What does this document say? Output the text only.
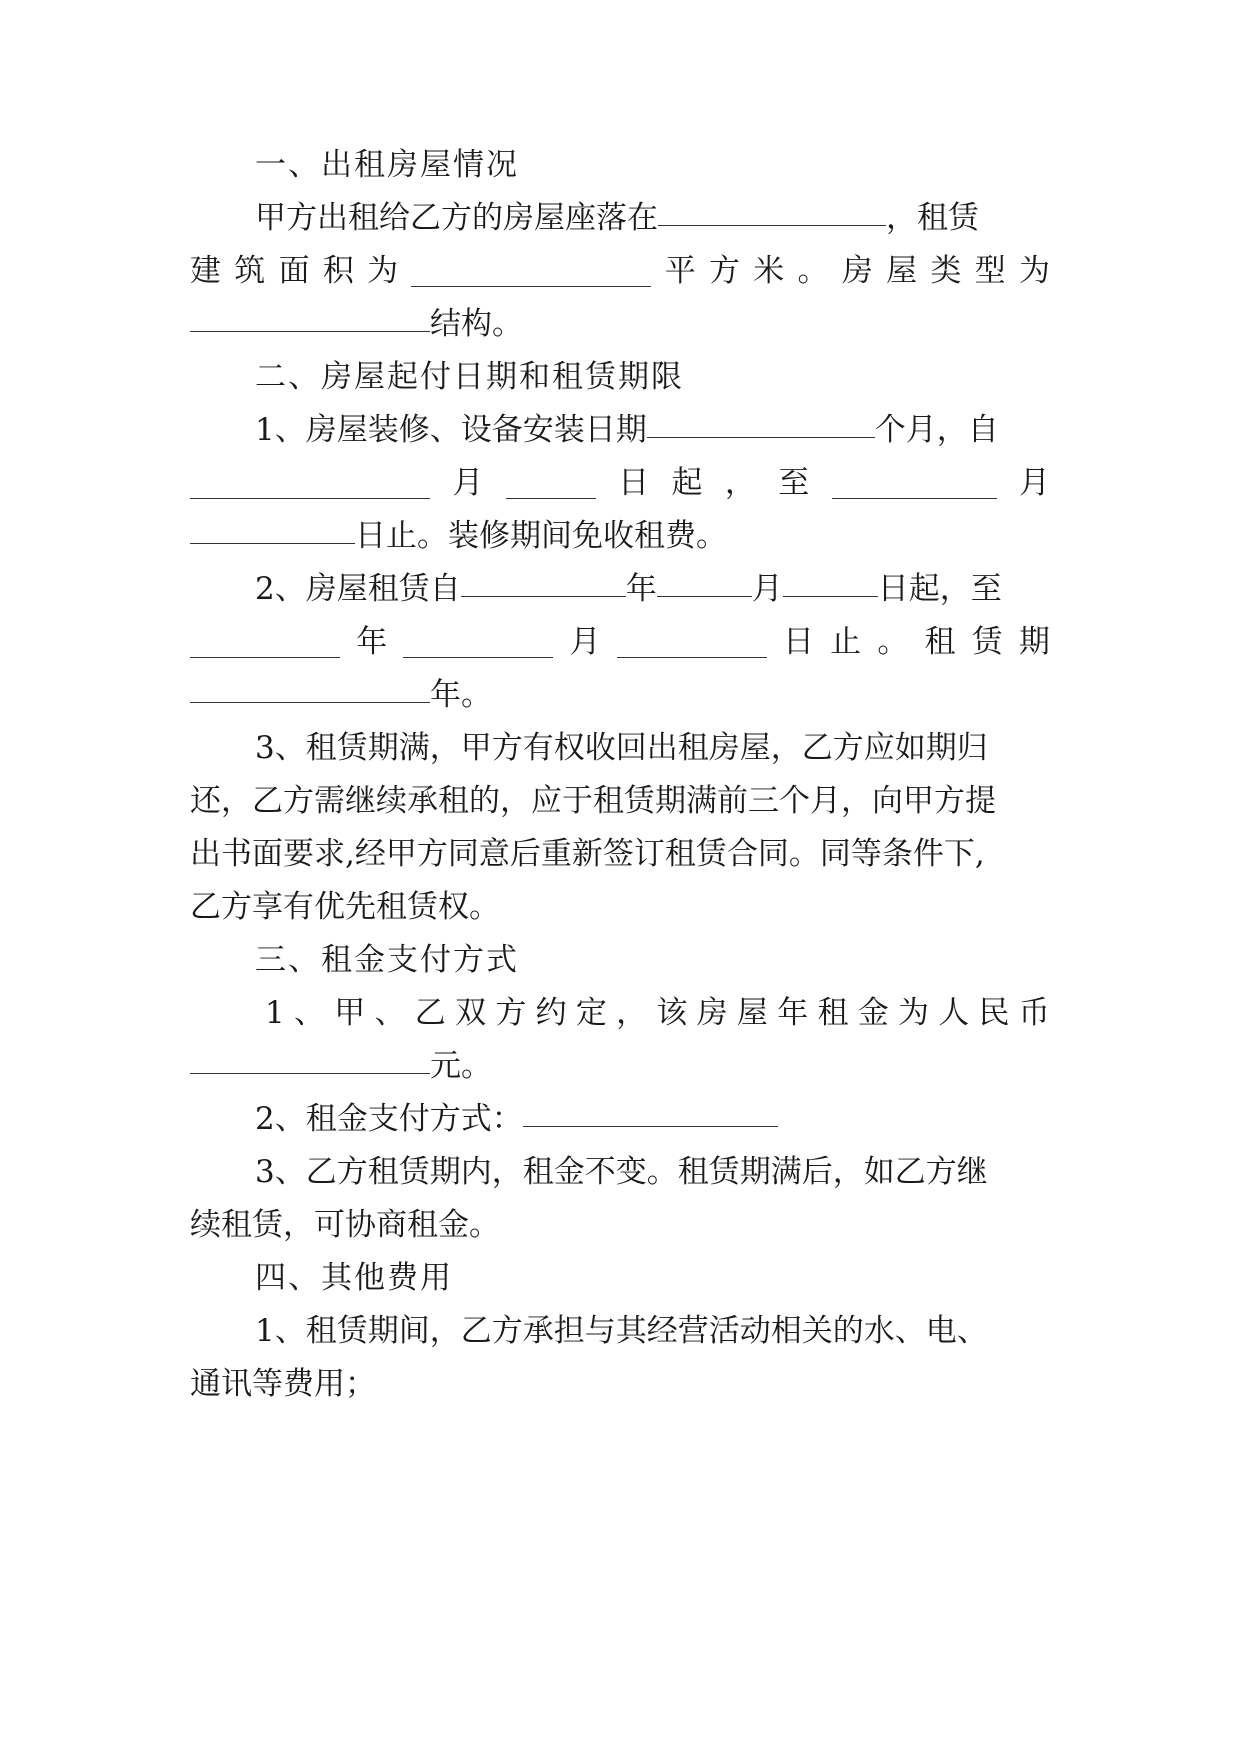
一、出租房屋情况
甲方出租给乙方的房屋座落在	，租赁
建 筑 面 积 为	平 方 米 。 房 屋 类 型 为
结构。
二、房屋起付日期和租赁期限
1、房屋装修、设备安装日期	个月，自
月	日 起 ， 至	月
日止。装修期间免收租费。
2、房屋租赁自	年	月	日起，至
年	月	日 止 。 租 赁 期
年。
3、租赁期满，甲方有权收回出租房屋，乙方应如期归
还，乙方需继续承租的，应于租赁期满前三个月，向甲方提
出书面要求,经甲方同意后重新签订租赁合同。同等条件下,
乙方享有优先租赁权。
三、租金支付方式
1 、 甲 、 乙 双 方 约 定 ， 该 房 屋 年 租 金 为 人 民 币
元。
2、租金支付方式：
3、乙方租赁期内，租金不变。租赁期满后，如乙方继
续租赁，可协商租金。
四、其他费用
1、租赁期间，乙方承担与其经营活动相关的水、电、
通讯等费用；
